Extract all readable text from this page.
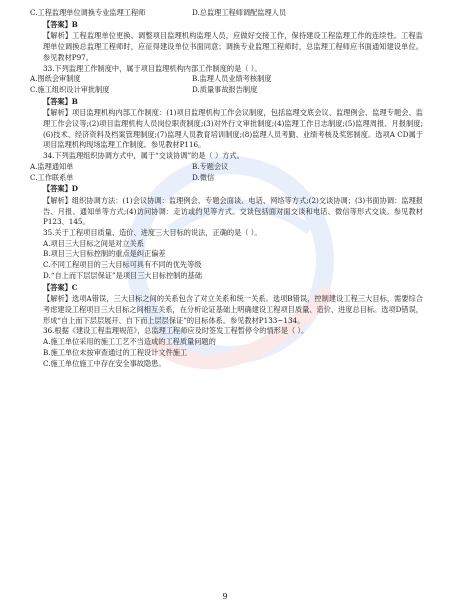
C.工程监理单位调换专业监理工程师	D.总监理工程师调配监理人员
【答案】B
【解析】工程监理单位更换、调整项目监理机构监理人员，应做好交接工作，保持建设工程监理工作的连续性。工程监理单位调换总监理工程师时，应征得建设单位书面同意；调换专业监理工程师时，总监理工程师应书面通知建设单位。参见教材P97。
33.下列监理工作制度中，属于项目监理机构内部工作制度的是（ ）。
A.图纸会审制度	B.监理人员业绩考核制度
C.施工组织设计审批制度	D.质量事故报告制度
【答案】B
【解析】项目监理机构内部工作制度：(1)项目监理机构工作会议制度，包括监理交底会议、监理例会、监理专题会、监理工作会议等;(2)项目监理机构人员岗位职责制度;(3)对外行文审批制度;(4)监理工作日志制度;(5)监理周报、月报制度;(6)技术、经济资料及档案管理制度;(7)监理人员教育培训制度;(8)监理人员考勤、业绩考核及奖惩制度。选项A CD属于项目监理机构现场监理工作制度。参见教材P116。
34.下列监理组织协调方式中，属于“交谈协调”的是（ ）方式。
A.监理通知单	B.专题会议
C.工作联系单	D.微信
【答案】D
【解析】组织协调方法：(1)会议协调：监理例会、专题会面谈、电话、网络等方式;(2)交谈协调；(3)书面协调：监理报告、月报、通知单等方式;(4)访问协调：走访或约见等方式。交谈包括面对面交谈和电话、微信等形式交谈。参见教材P123、145。
35.关于工程项目质量、造价、进度三大目标的说法，正确的是（ ）。
A.项目三大目标之间是对立关系
B.项目三大目标控制的重点是纠正偏差
C.不同工程项目的三大目标可具有不同的优先等级
D.“自上而下层层保证”是项目三大目标控制的基础
【答案】C
【解析】选项A错误，三大目标之间的关系包含了对立关系和统一关系。选项B错误，控制建设工程三大目标，需要综合考虑建设工程项目三大目标之间相互关系，在分析论证基础上明确建设工程项目质量、造价、进度总目标。选项D错误，形成“自上而下层层展开、自下而上层层保证”的目标体系。参见教材P133~134。
36.根据《建设工程监理规范》，总监理工程师应及时签发工程暂停令的情形是（ ）。
A.施工单位采用的施工工艺不当造成的工程质量问题的
B.施工单位未按审查通过的工程设计文件施工
C.施工单位施工中存在安全事故隐患。
9
